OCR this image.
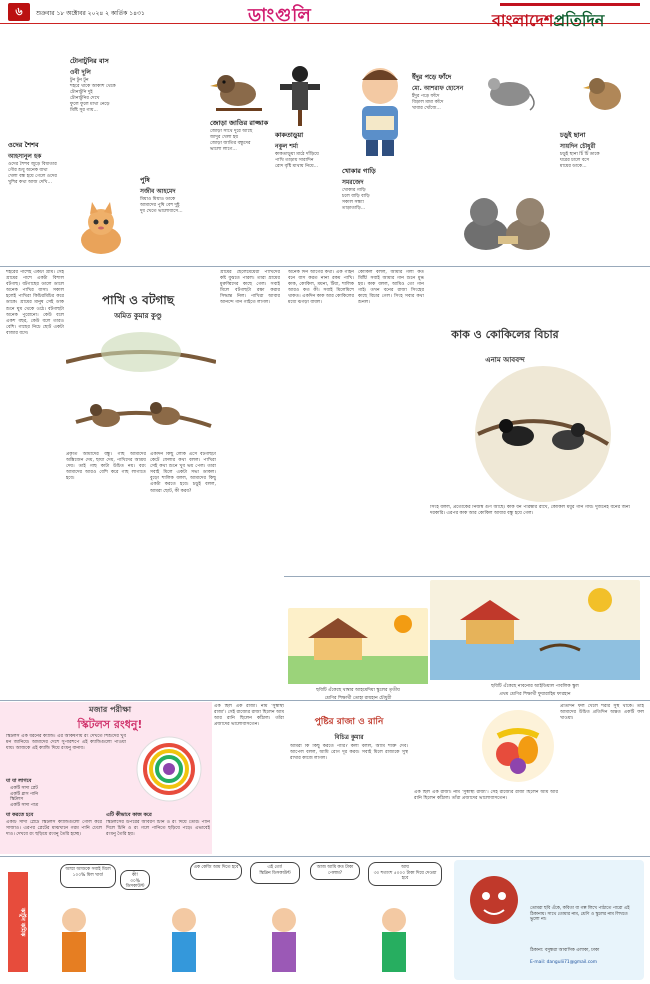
৬	শুক্রবার ১৮ অক্টোবর ২০২৪ ২ কার্তিক ১৪৩১	ডাংগুলি	বাংলাদেশপ্রতিদিন
টোনাটুনির বাস
ওবী দুলি
টুন টুন টুন
শহরে থাকে আকাশ থেকে
টোনাটুনি দুই
টোনাটুনির দেখে
ফুলে ফুলে মাথা নেড়ে
মিষ্টি সুর গায়...
ওদের শৈশব
আহসানুল হক
ওদের শৈশব জুড়ে বিধাতার
গৌর শুধু অনেক ব্যথা
খেলা বন্ধ হয়ে গেলে ওদের
খুশির কথা আজ দেখি...	পুষি
সজীব আহমেদ
মিয়াও মিয়াও ডাকে
আমাদের পুষি বেশ দুষ্টু
দুধ খেতে ভালোবাসে...
জোড়া জাতির রাজ্জাক
জোড়া সাথে দুরে আছে
জাদুর খেলা হয়
জোড়া জাতির বন্ধুদের
ভালো লাগে...
কাকতাড়ুয়া
নকুল শর্মা
কাকতাড়ুয়া মাঠে দাঁড়িয়ে
পাখি তাড়ায় সারাদিন
রোদ বৃষ্টি মাথায় নিয়ে...
খোকার গাড়ি
সমরজেদ
খোকার গাড়ি
চলে বাড়ি বাড়ি
সকাল সন্ধ্যা
তাড়াতাড়ি...
ইঁদুর পড়ে ফাঁদে
মো. আশরাফ হোসেন
ইঁদুর পড়ে ফাঁদে
বিড়াল মামা কাঁদে
খাবার খোঁজে...
চড়ুই ছানা
সায়দিন চৌধুরী
চড়ুই ছানা চিঁ চিঁ ডাকে
ঘরের চালে বসে
মায়ের ডাকে...
শহরের পাশেই একটা গ্রাম। সেই গ্রামের পাশে একটা বিশাল বটগাছ। বটগাছের ডালে ডালে অনেক পাখির বাসা। সকাল হলেই পাখিরা কিচিরমিচির করে ডাকে। গ্রামের মানুষ সেই ডাক শুনে ঘুম থেকে ওঠে। বটগাছটা অনেক পুরোনো। কেউ বলে একশ বছর, কেউ বলে তারও বেশি। গাছের নিচে ছোট একটা বাজার বসে।
পাখি ও বটগাছ
অমিত কুমার কুণ্ডু
একদিন কিছু লোক এসে বটগাছটা কেটে ফেলার কথা বলল। পাখিরা সেই কথা শুনে খুব ভয় পেল। তারা সবাই মিলে একটা সভা ডাকল। বুড়ো শালিক বলল, আমাদের কিছু একটা করতে হবে। চড়ুই বলল, আমরা ছোট, কী করব?
গ্রামের ছেলেমেয়েরা পাখিদের কষ্ট বুঝতে পারল। তারা গ্রামের মুরুব্বিদের কাছে গেল। সবাই মিলে বটগাছটা রক্ষা করার সিদ্ধান্ত নিল। পাখিরা আবার আনন্দে গান গাইতে লাগল।
প্রকৃতি আমাদের বন্ধু। গাছ আমাদের অক্সিজেন দেয়, ছায়া দেয়, পাখিদের আশ্রয় দেয়। তাই গাছ কাটা উচিত নয়। বরং আমাদের আরও বেশি করে গাছ লাগাতে হবে।
অনেক দিন আগের কথা। এক গহিন বনে বাস করত নানা রকম পাখি। কাক, কোকিল, ময়না, টিয়া, শালিক আরও কত কী। সবাই মিলেমিশে থাকত। একদিন কাক আর কোকিলের মধ্যে ঝগড়া বাধল।
কোকিল বলল, আমার গলা কত মিষ্টি! সবাই আমার গান শুনে মুগ্ধ হয়। কাক বলল, আমিও তো গান গাই। তখন বনের রাজা সিংহের কাছে বিচার গেল। সিংহ সবার কথা শুনল।
কাক ও কোকিলের বিচার
এনাম আববন্দ
সিংহ বলল, প্রত্যেকের নিজস্ব গুণ আছে। কাক বন পরিষ্কার রাখে, কোকিল মধুর গান গায়। দুজনেই বনের জন্য দরকারি। এরপর কাক আর কোকিল আবার বন্ধু হয়ে গেল।
ছবিটি এঁকেছে নাবনোর আইডিয়াল পাবলিক স্কুল
প্রথম শ্রেণির শিক্ষার্থী ফুয়ারাহিম ফারহান
ছবিটি এঁকেছে থাম্বার আহমেদিয়া স্কুলের তৃতীয়
শ্রেণির শিক্ষার্থী তোহা রায়হান চৌধুরী
মজার পরীক্ষা
স্কিটলস রংধনু!
স্কিটলস এক ধরনের ক্যান্ডি। এর আকর্ষণীয় রং দেখতে শিশুদের খুব মন জানিয়ে। আমাদের দেশে সুপারশপে এই ক্যান্ডিগুলো পাওয়া যায়। আজকে এই ক্যান্ডি দিয়ে রংধনু বানাব।
যা যা লাগবে
একটি সাদা প্লেট
একটি গ্লাস পানি
স্কিটলস
একটি সাদা পাত্র
যা করতে হবে
একটি সাদা প্লেটে স্কিটলস ক্যান্ডিগুলো গোল করে সাজাও। এরপর প্লেটের মাঝখানে গরম পানি ঢেলে দাও। দেখবে রং ছড়িয়ে রংধনু তৈরি হচ্ছে।
এটি কীভাবে কাজ করে
স্কিটলসের উপরের আবরণ চিনি ও রং দিয়ে তৈরি। পানি দিলে চিনি ও রং গলে পানিতে ছড়িয়ে পড়ে। এভাবেই রংধনু তৈরি হয়।
এক ছিল এক রাজা। নাম 'সুস্বাস্থ্য রাজ্য'। সেই রাজ্যের রাজা ছিলেন আম আর রানি ছিলেন কাঁঠাল। তাঁরা প্রজাদের ভালোবাসতেন।	পুষ্টির রাজা ও রানি
বিচিত্র কুমার
আমরা কি কিছু করতে পারি? কলা বলল, আমি শক্তি দেব। আপেল বলল, আমি রোগ দূর করব। সবাই মিলে রাজ্যকে সুস্থ রাখার কাজে লাগল।
প্রতিদিন ফল খেলে শরীর সুস্থ থাকে। তাই আমাদের উচিত প্রতিদিন অন্তত একটি ফল খাওয়া।
এক ছিল এক রাজা। নাম 'সুস্বাস্থ্য রাজ্য'। সেই রাজ্যের রাজা ছিলেন আম আর রানি ছিলেন কাঁঠাল। তাঁরা প্রজাদের ভালোবাসতেন।
কার্টুন কমিক
আম্মা আজকে সবাই মিলে ১০০% মিল খাব!	কী!
৩০% ডিসকাউন্ট
এক কেজি আম দিতে হবে	এই তো!
স্কিপ্পিন ডিসকাউন্ট
আজ আমি কত টাকা পেলাম?
আয়
৩০ শতাংশ ৫০০০ টাকা দিয়ে দেওয়া হবে
তোমরা ছবি এঁকে, কবিতা বা গল্প লিখে পাঠাতে পারো এই ঠিকানায়। সাথে তোমার নাম, শ্রেণি ও স্কুলের নাম লিখতে ভুলো না।
ঠিকানা: বসুন্ধরা আবাসিক এলাকা, ঢাকা
E-mail: dangulii71@gmail.com
